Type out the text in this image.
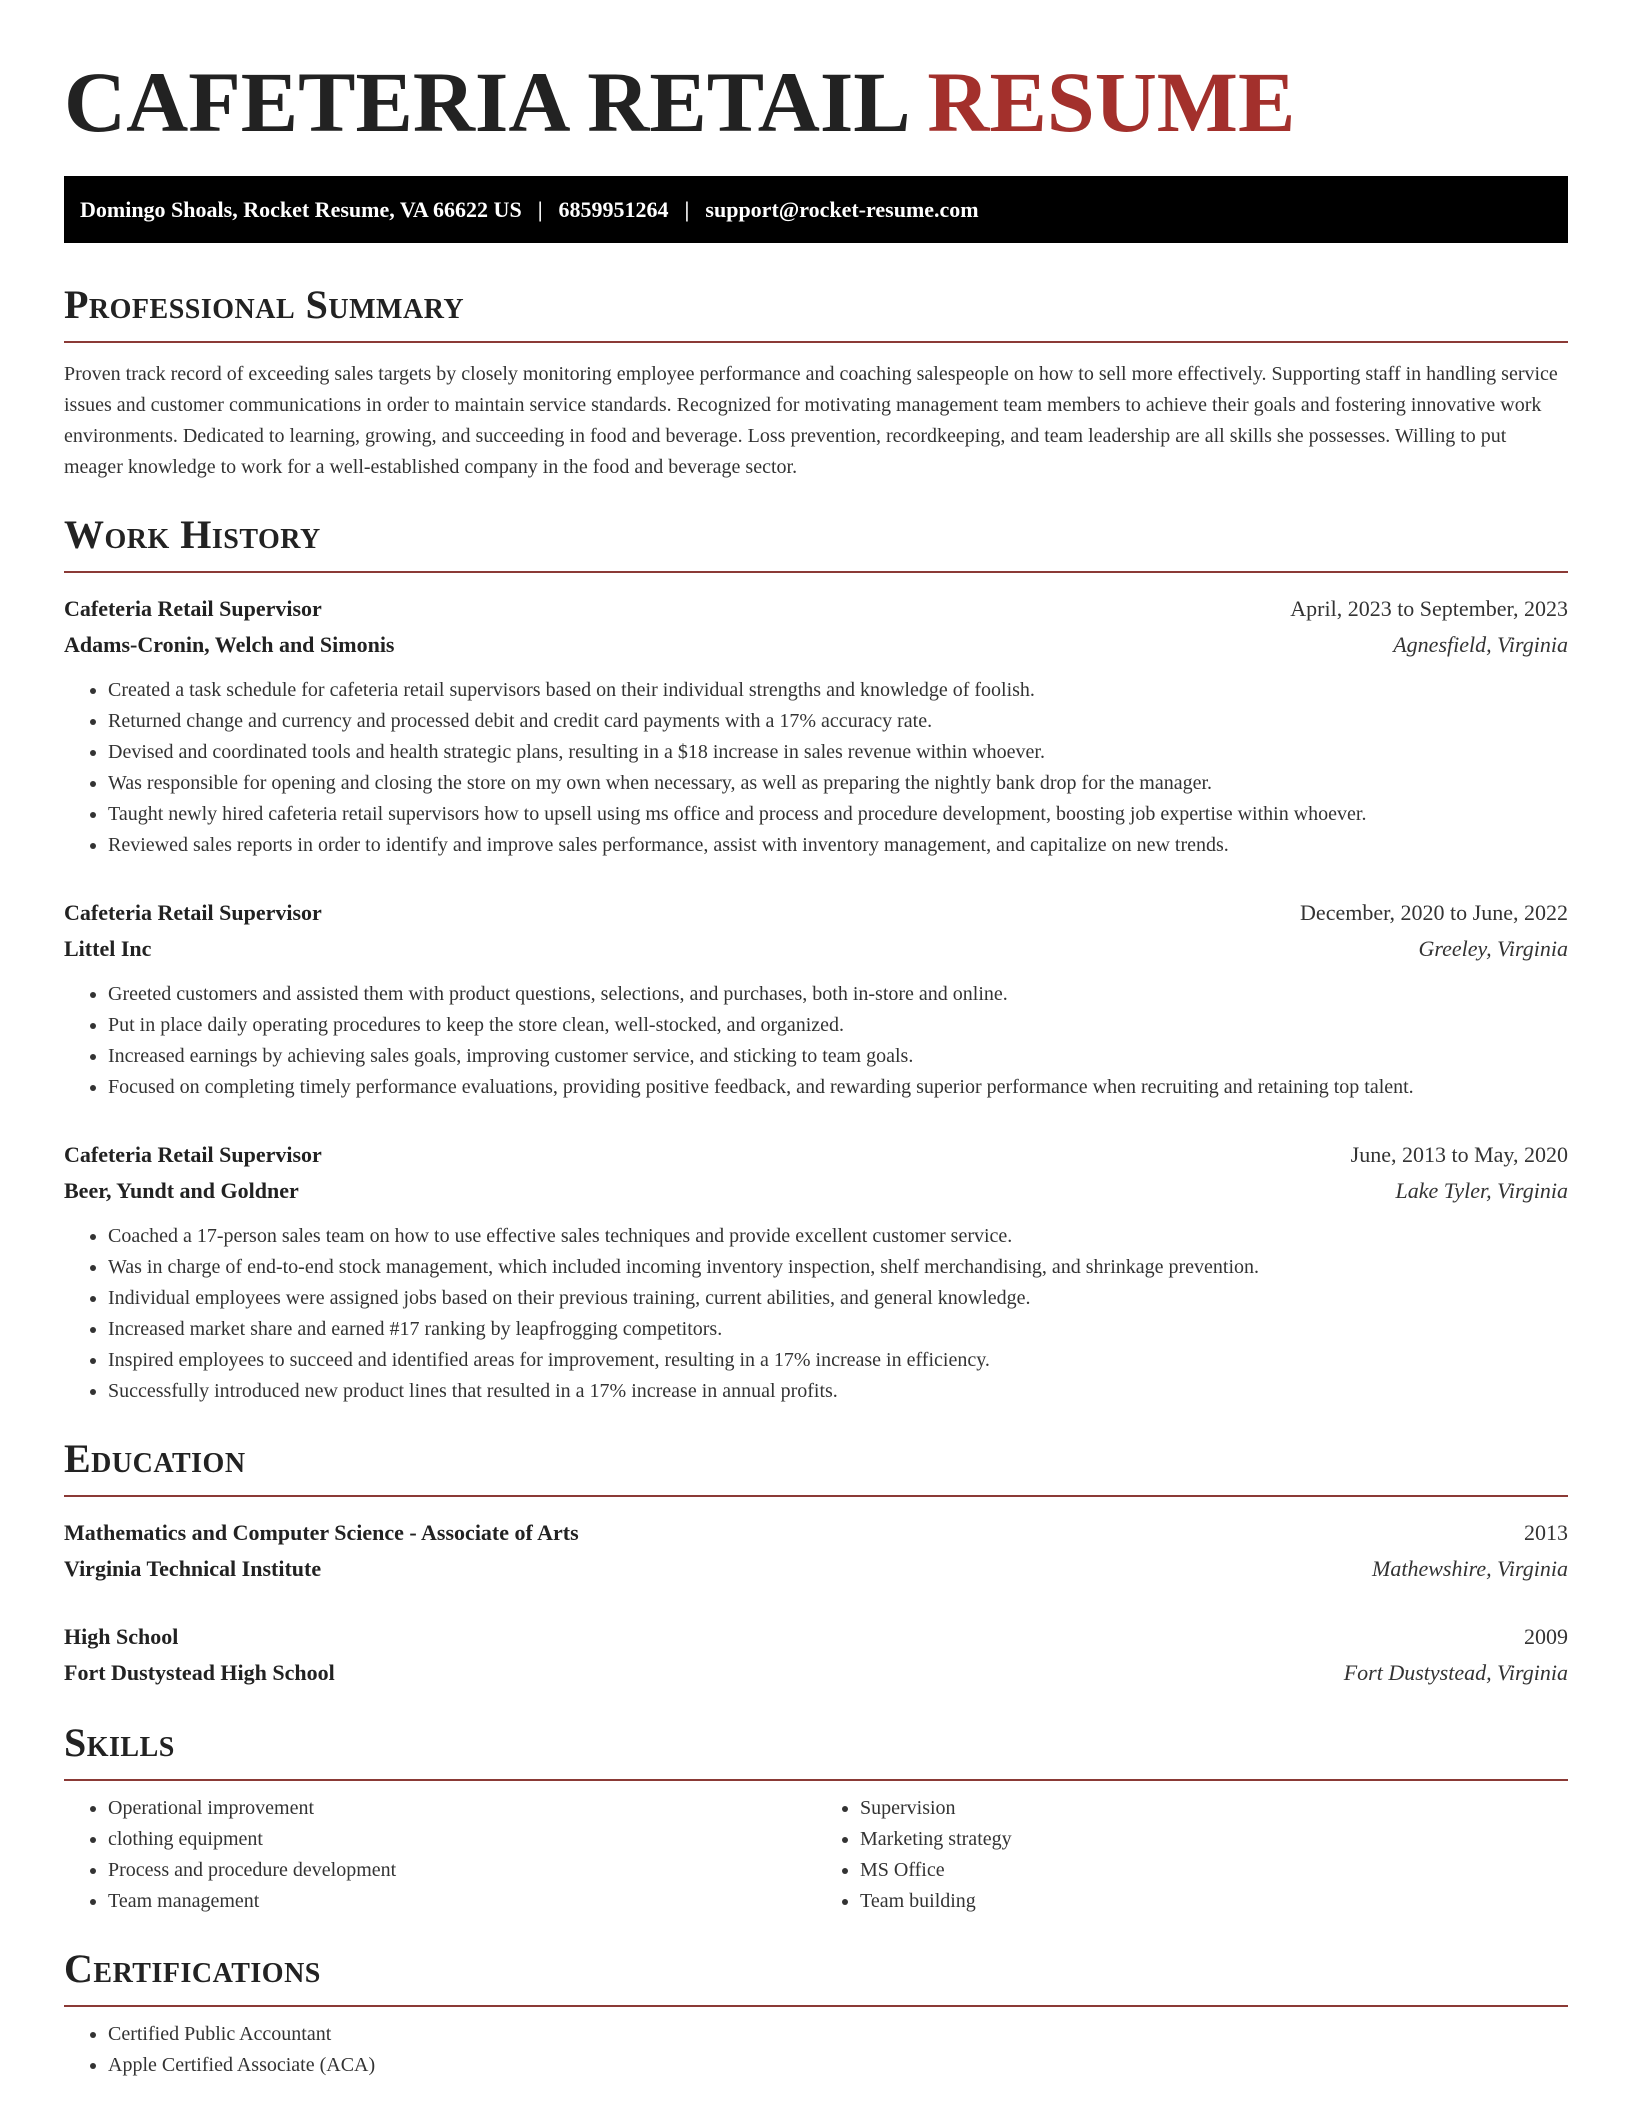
CAFETERIA RETAIL RESUME
Domingo Shoals, Rocket Resume, VA 66622 US | 6859951264 | support@rocket-resume.com
Professional Summary

Proven track record of exceeding sales targets by closely monitoring employee performance and coaching salespeople on how to sell more effectively. Supporting staff in handling service issues and customer communications in order to maintain service standards. Recognized for motivating management team members to achieve their goals and fostering innovative work environments. Dedicated to learning, growing, and succeeding in food and beverage. Loss prevention, recordkeeping, and team leadership are all skills she possesses. Willing to put meager knowledge to work for a well-established company in the food and beverage sector.

Work History
Cafeteria Retail Supervisor	April, 2023 to September, 2023
Adams-Cronin, Welch and Simonis	Agnesfield, Virginia
• Created a task schedule for cafeteria retail supervisors based on their individual strengths and knowledge of foolish.
• Returned change and currency and processed debit and credit card payments with a 17% accuracy rate.
• Devised and coordinated tools and health strategic plans, resulting in a $18 increase in sales revenue within whoever.
• Was responsible for opening and closing the store on my own when necessary, as well as preparing the nightly bank drop for the manager.
• Taught newly hired cafeteria retail supervisors how to upsell using ms office and process and procedure development, boosting job expertise within whoever.
• Reviewed sales reports in order to identify and improve sales performance, assist with inventory management, and capitalize on new trends.
Cafeteria Retail Supervisor	December, 2020 to June, 2022
Littel Inc	Greeley, Virginia
• Greeted customers and assisted them with product questions, selections, and purchases, both in-store and online.
• Put in place daily operating procedures to keep the store clean, well-stocked, and organized.
• Increased earnings by achieving sales goals, improving customer service, and sticking to team goals.
• Focused on completing timely performance evaluations, providing positive feedback, and rewarding superior performance when recruiting and retaining top talent.
Cafeteria Retail Supervisor	June, 2013 to May, 2020
Beer, Yundt and Goldner	Lake Tyler, Virginia
• Coached a 17-person sales team on how to use effective sales techniques and provide excellent customer service.
• Was in charge of end-to-end stock management, which included incoming inventory inspection, shelf merchandising, and shrinkage prevention.
• Individual employees were assigned jobs based on their previous training, current abilities, and general knowledge.
• Increased market share and earned #17 ranking by leapfrogging competitors.
• Inspired employees to succeed and identified areas for improvement, resulting in a 17% increase in efficiency.
• Successfully introduced new product lines that resulted in a 17% increase in annual profits.
Education
Mathematics and Computer Science - Associate of Arts	2013
Virginia Technical Institute	Mathewshire, Virginia
High School	2009
Fort Dustystead High School	Fort Dustystead, Virginia
Skills
• Operational improvement
• clothing equipment
• Process and procedure development
• Team management
• Supervision
• Marketing strategy
• MS Office
• Team building
Certifications
• Certified Public Accountant
• Apple Certified Associate (ACA)
